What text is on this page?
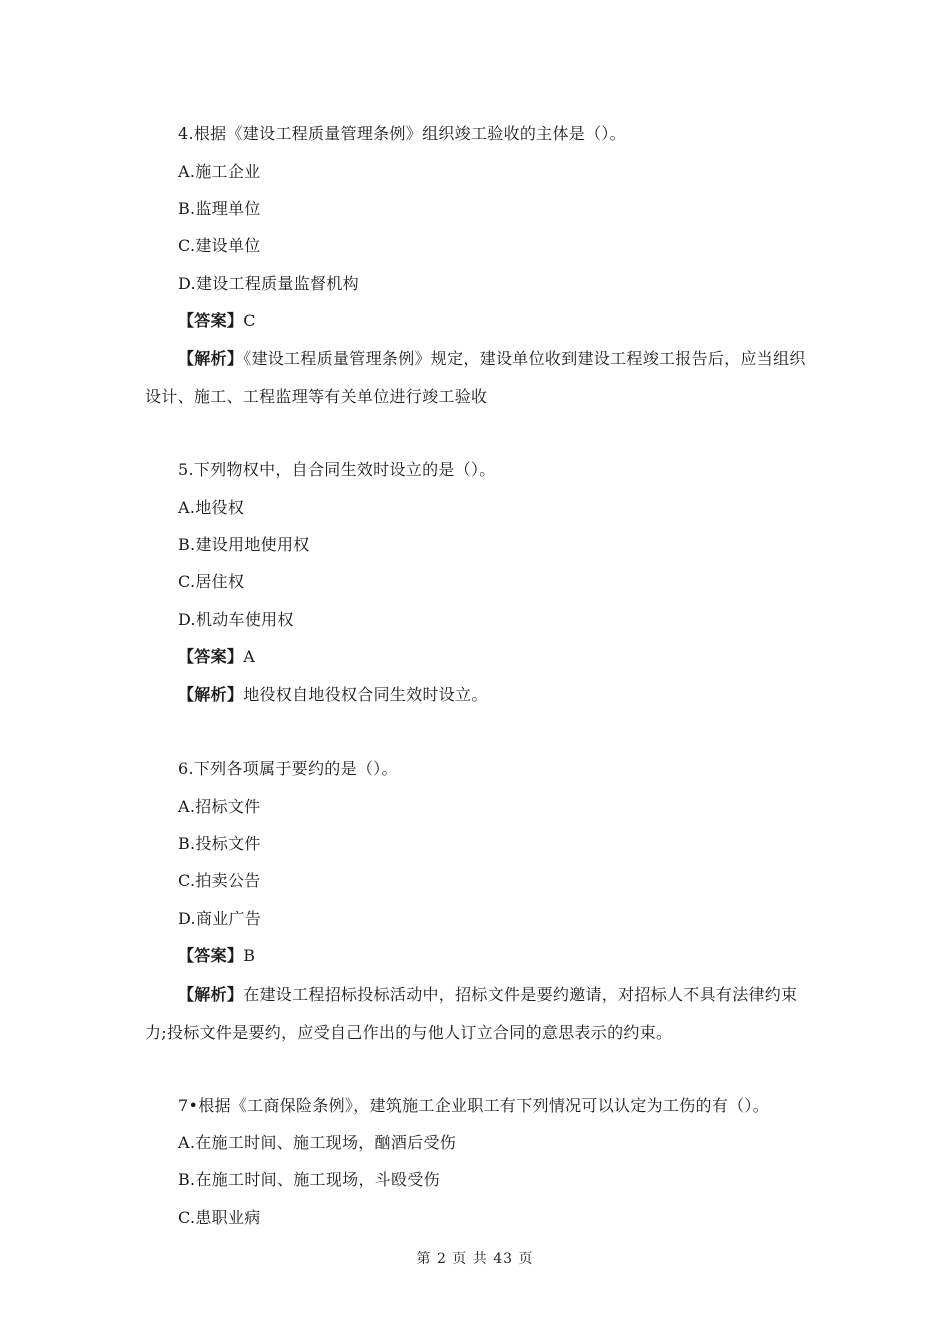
4.根据《建设工程质量管理条例》组织竣工验收的主体是（）。
A.施工企业
B.监理单位
C.建设单位
D.建设工程质量监督机构
【答案】C
【解析】《建设工程质量管理条例》规定，建设单位收到建设工程竣工报告后，应当组织设计、施工、工程监理等有关单位进行竣工验收
5.下列物权中，自合同生效时设立的是（）。
A.地役权
B.建设用地使用权
C.居住权
D.机动车使用权
【答案】A
【解析】地役权自地役权合同生效时设立。
6.下列各项属于要约的是（）。
A.招标文件
B.投标文件
C.拍卖公告
D.商业广告
【答案】B
【解析】在建设工程招标投标活动中，招标文件是要约邀请，对招标人不具有法律约束力;投标文件是要约，应受自己作出的与他人订立合同的意思表示的约束。
7•根据《工商保险条例》，建筑施工企业职工有下列情况可以认定为工伤的有（）。
A.在施工时间、施工现场，酗酒后受伤
B.在施工时间、施工现场，斗殴受伤
C.患职业病
第 2 页 共 43 页
